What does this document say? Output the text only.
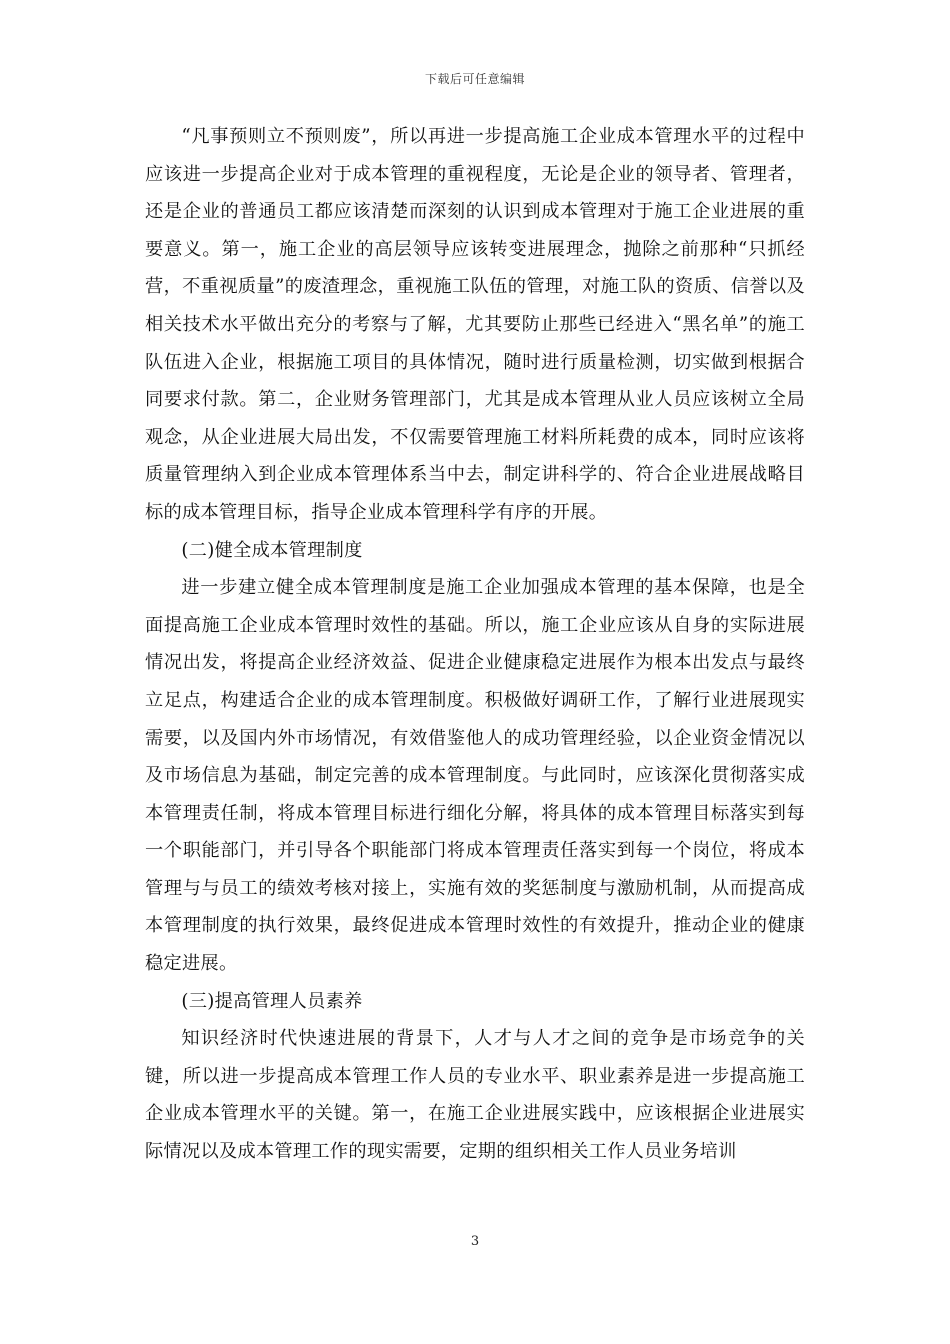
下载后可任意编辑

“凡事预则立不预则废”，所以再进一步提高施工企业成本管理水平的过程中应该进一步提高企业对于成本管理的重视程度，无论是企业的领导者、管理者，还是企业的普通员工都应该清楚而深刻的认识到成本管理对于施工企业进展的重要意义。第一，施工企业的高层领导应该转变进展理念，抛除之前那种“只抓经营，不重视质量”的废渣理念，重视施工队伍的管理，对施工队的资质、信誉以及相关技术水平做出充分的考察与了解，尤其要防止那些已经进入“黑名单”的施工队伍进入企业，根据施工项目的具体情况，随时进行质量检测，切实做到根据合同要求付款。第二，企业财务管理部门，尤其是成本管理从业人员应该树立全局观念，从企业进展大局出发，不仅需要管理施工材料所耗费的成本，同时应该将质量管理纳入到企业成本管理体系当中去，制定讲科学的、符合企业进展战略目标的成本管理目标，指导企业成本管理科学有序的开展。

(二)健全成本管理制度

进一步建立健全成本管理制度是施工企业加强成本管理的基本保障，也是全面提高施工企业成本管理时效性的基础。所以，施工企业应该从自身的实际进展情况出发，将提高企业经济效益、促进企业健康稳定进展作为根本出发点与最终立足点，构建适合企业的成本管理制度。积极做好调研工作，了解行业进展现实需要，以及国内外市场情况，有效借鉴他人的成功管理经验，以企业资金情况以及市场信息为基础，制定完善的成本管理制度。与此同时，应该深化贯彻落实成本管理责任制，将成本管理目标进行细化分解，将具体的成本管理目标落实到每一个职能部门，并引导各个职能部门将成本管理责任落实到每一个岗位，将成本管理与与员工的绩效考核对接上，实施有效的奖惩制度与激励机制，从而提高成本管理制度的执行效果，最终促进成本管理时效性的有效提升，推动企业的健康稳定进展。

(三)提高管理人员素养

知识经济时代快速进展的背景下，人才与人才之间的竞争是市场竞争的关键，所以进一步提高成本管理工作人员的专业水平、职业素养是进一步提高施工企业成本管理水平的关键。第一，在施工企业进展实践中，应该根据企业进展实际情况以及成本管理工作的现实需要，定期的组织相关工作人员业务培训

3
